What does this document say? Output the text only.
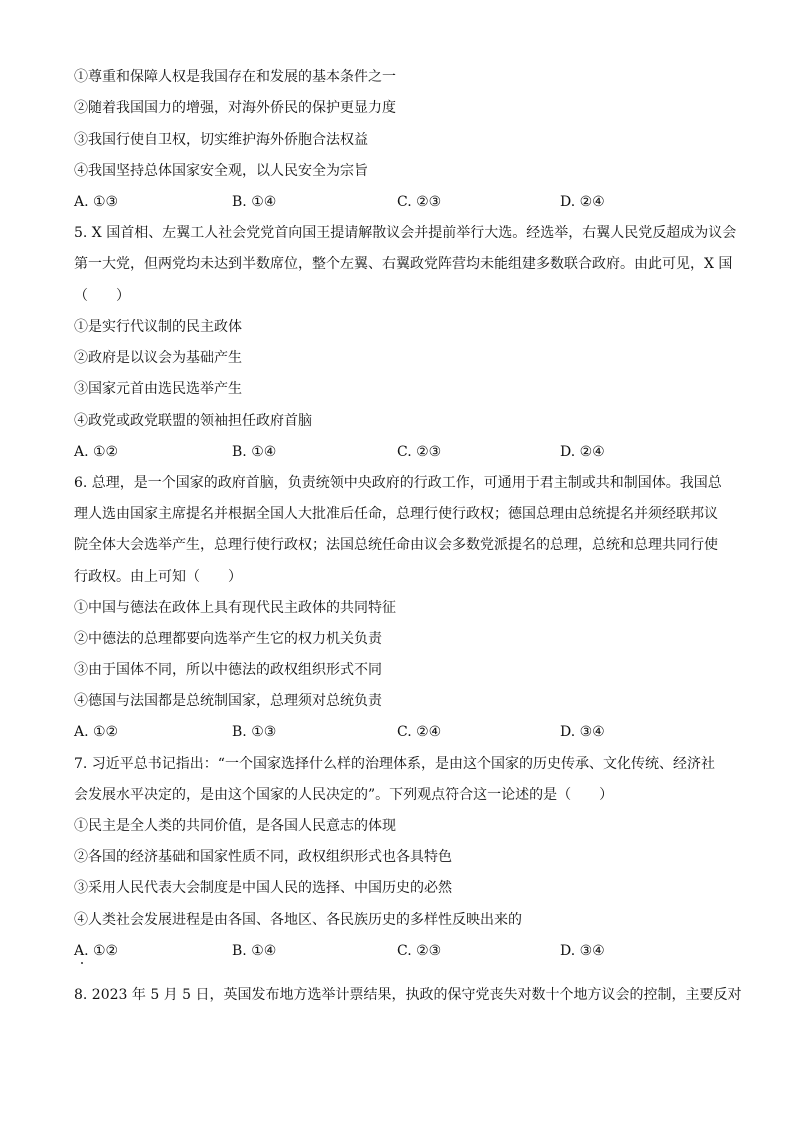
①尊重和保障人权是我国存在和发展的基本条件之一
②随着我国国力的增强，对海外侨民的保护更显力度
③我国行使自卫权，切实维护海外侨胞合法权益
④我国坚持总体国家安全观，以人民安全为宗旨
A. ①③	B. ①④	C. ②③	D. ②④
5. X 国首相、左翼工人社会党党首向国王提请解散议会并提前举行大选。经选举，右翼人民党反超成为议会
第一大党，但两党均未达到半数席位，整个左翼、右翼政党阵营均未能组建多数联合政府。由此可见，X 国
（　　）
①是实行代议制的民主政体
②政府是以议会为基础产生
③国家元首由选民选举产生
④政党或政党联盟的领袖担任政府首脑
A. ①②	B. ①④	C. ②③	D. ②④
6. 总理，是一个国家的政府首脑，负责统领中央政府的行政工作，可通用于君主制或共和制国体。我国总
理人选由国家主席提名并根据全国人大批准后任命，总理行使行政权；德国总理由总统提名并须经联邦议
院全体大会选举产生，总理行使行政权；法国总统任命由议会多数党派提名的总理，总统和总理共同行使
行政权。由上可知（　　）
①中国与德法在政体上具有现代民主政体的共同特征
②中德法的总理都要向选举产生它的权力机关负责
③由于国体不同，所以中德法的政权组织形式不同
④德国与法国都是总统制国家，总理须对总统负责
A. ①②	B. ①③	C. ②④	D. ③④
7. 习近平总书记指出：“一个国家选择什么样的治理体系，是由这个国家的历史传承、文化传统、经济社
会发展水平决定的，是由这个国家的人民决定的”。下列观点符合这一论述的是（　　）
①民主是全人类的共同价值，是各国人民意志的体现
②各国的经济基础和国家性质不同，政权组织形式也各具特色
③采用人民代表大会制度是中国人民的选择、中国历史的必然
④人类社会发展进程是由各国、各地区、各民族历史的多样性反映出来的
A. ①②	B. ①④	C. ②③	D. ③④
8. 2023 年 5 月 5 日，英国发布地方选举计票结果，执政的保守党丧失对数十个地方议会的控制，主要反对
